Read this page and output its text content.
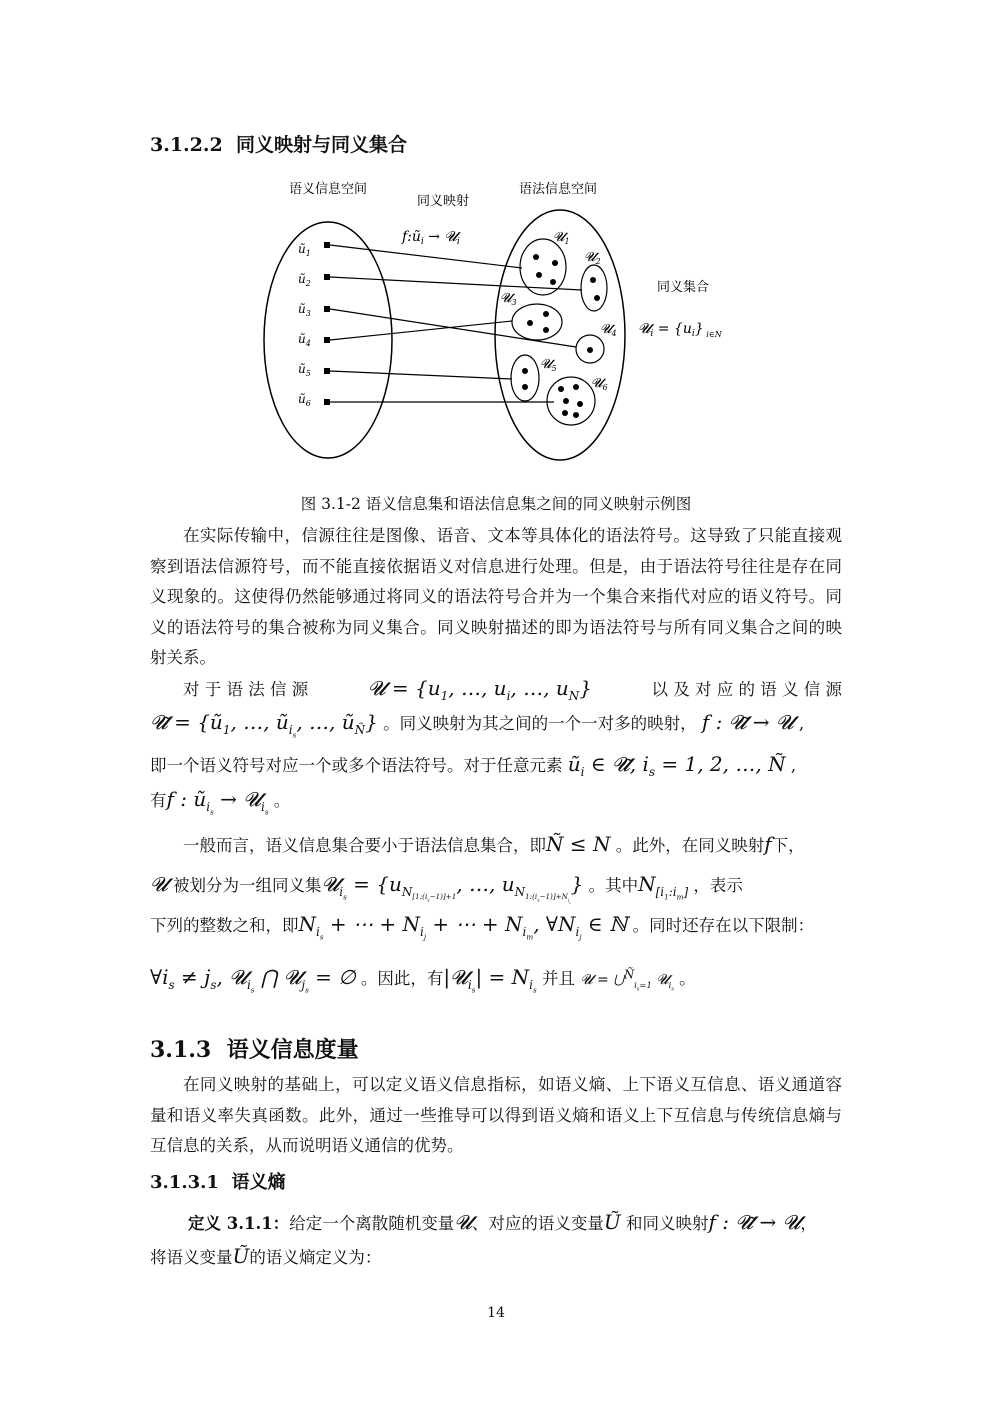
3.1.2.2 同义映射与同义集合
语义信息空间
同义映射
语法信息空间
$f:ũ_i$ → 𝓤$_i$
$ũ_1$
$ũ_2$
$ũ_3$
$ũ_4$
$ũ_5$
$ũ_6$
𝓤$_1$
𝓤$_2$
𝓤$_3$
𝓤$_4$
𝓤$_5$
𝓤$_6$
同义集合
𝓤$_i$ = $\{u_i\}$ $_{i\in N}$
图 3.1-2 语义信息集和语法信息集之间的同义映射示例图
在实际传输中，信源往往是图像、语音、文本等具体化的语法符号。这导致了只能直接观察到语法信源符号，而不能直接依据语义对信息进行处理。但是，由于语法符号往往是存在同义现象的。这使得仍然能够通过将同义的语法符号合并为一个集合来指代对应的语义符号。同义的语法符号的集合被称为同义集合。同义映射描述的即为语法符号与所有同义集合之间的映射关系。
对 于 语 法 信 源	𝓤 = {$u_1$, …, $u_i$, …, $u_N$}	以 及 对 应 的 语 义 信 源
𝓤̃ = {$ũ_1$, …, $ũ_{i_s}$, …, $ũ_Ñ$} 。同义映射为其之间的一个一对多的映射， f : 𝓤̃ → 𝓤 ,
即一个语义符号对应一个或多个语法符号。对于任意元素 $ũ_i$ ∈ 𝓤̃, $i_s = 1$, 2, …, Ñ ,
有f : $ũ_{i_s}$ → 𝓤$_{i_s}$ 。
一般而言，语义信息集合要小于语法信息集合，即Ñ ≤ N 。此外，在同义映射f下，
𝓤 被划分为一组同义集𝓤$_{i_s}$ = {$u_{N_{[1:(i_s-1)]+1}}$, …, $u_{N_{1:(i_s-1)]+N_{i_s}}}$} 。其中$N_{[i_1:i_m]}$ ，表示
下列的整数之和，即$N_{i_s}$ + ⋯ + $N_{i_j}$ + ⋯ + $N_{i_m}$, $\forall N_{i_j}$ ∈ ℕ 。同时还存在以下限制：
$\forall i_s \ne j_s$, 𝓤$_{i_s}$ ⋂ 𝓤$_{j_s}$ = ∅ 。因此，有|𝓤$_{i_s}$| = $N_{i_s}$ 并且 𝓤 = ⋃$^Ñ_{i_s=1}$ 𝓤$_{i_s}$ 。
3.1.3 语义信息度量
在同义映射的基础上，可以定义语义信息指标，如语义熵、上下语义互信息、语义通道容量和语义率失真函数。此外，通过一些推导可以得到语义熵和语义上下互信息与传统信息熵与互信息的关系，从而说明语义通信的优势。
3.1.3.1 语义熵
定义 3.1.1：给定一个离散随机变量𝓤、对应的语义变量Ũ 和同义映射f : 𝓤̃ → 𝓤，
将语义变量Ũ的语义熵定义为：
14
